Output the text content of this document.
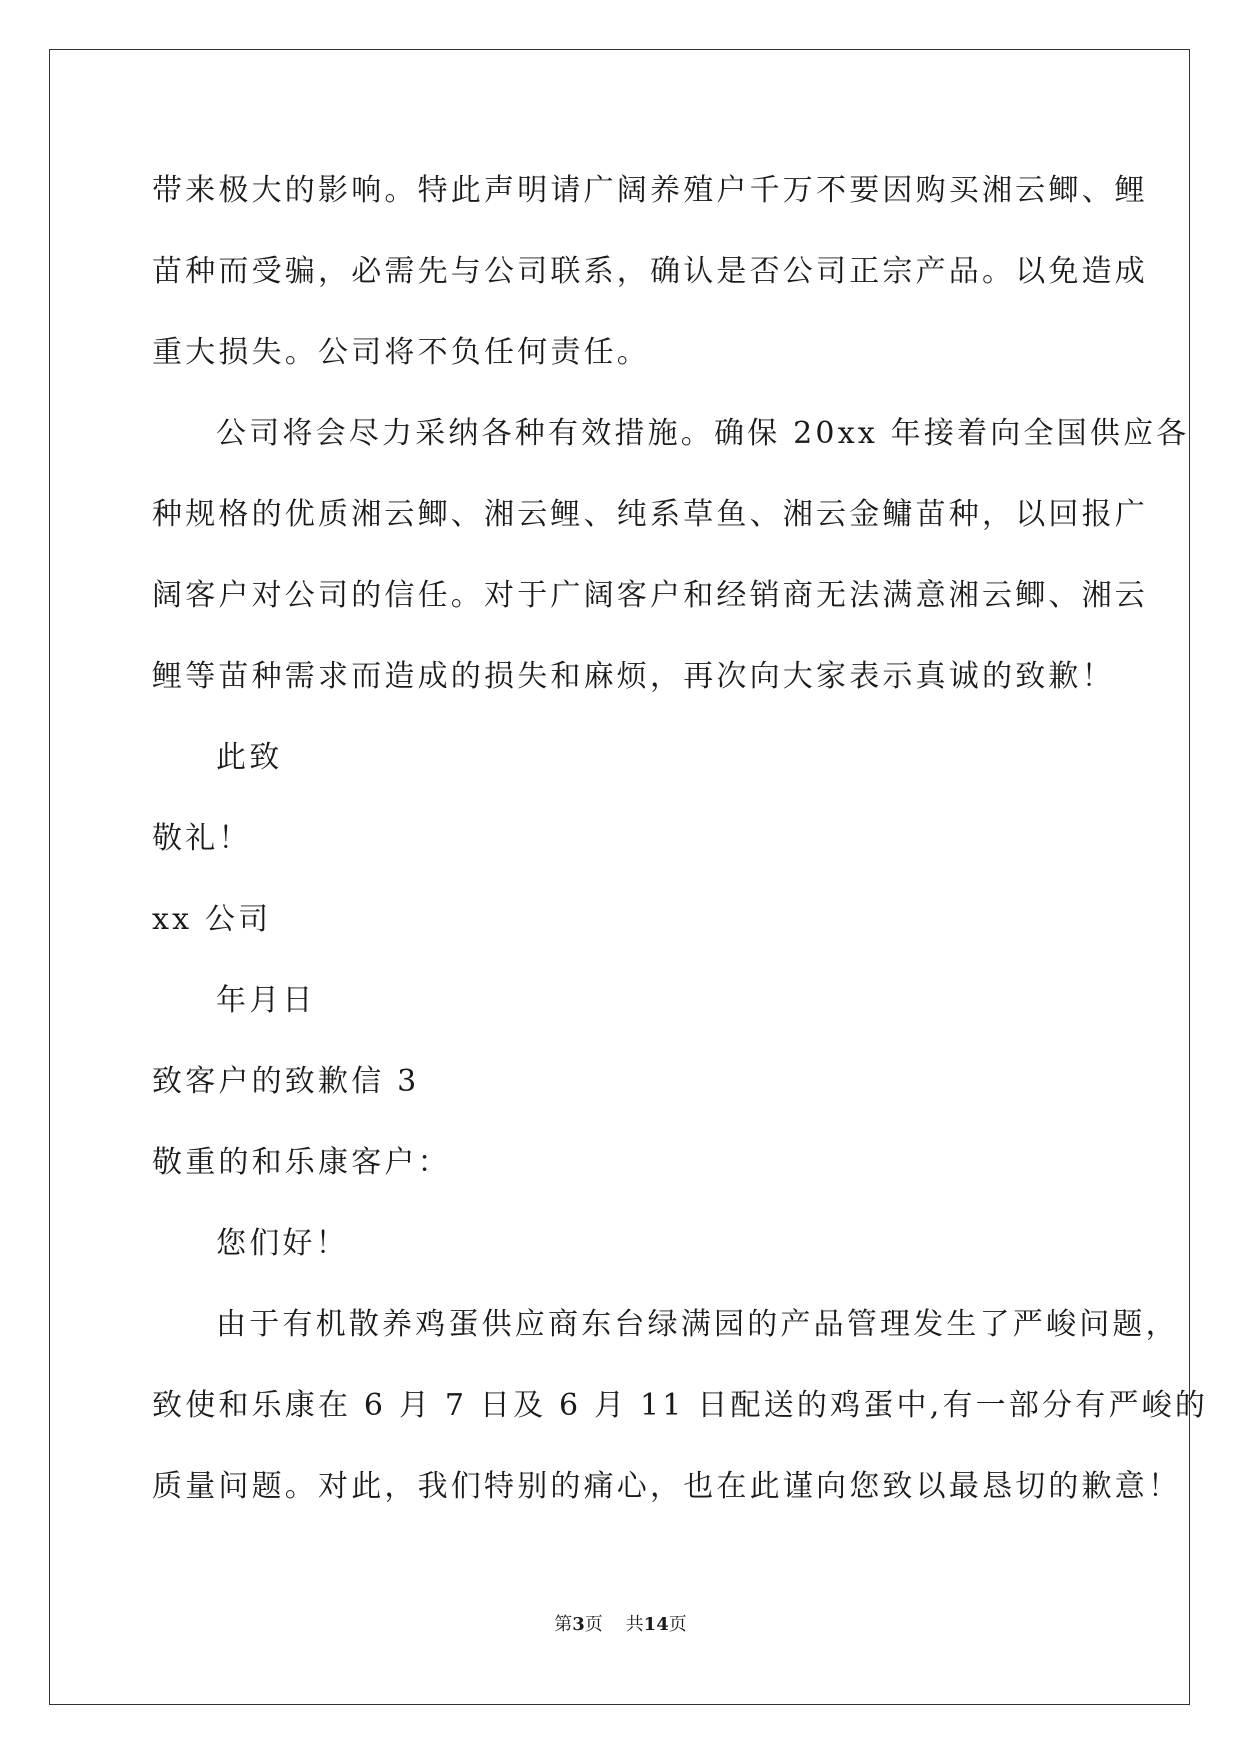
带来极大的影响。特此声明请广阔养殖户千万不要因购买湘云鲫、鲤
苗种而受骗，必需先与公司联系，确认是否公司正宗产品。以免造成
重大损失。公司将不负任何责任。
公司将会尽力采纳各种有效措施。确保 20xx 年接着向全国供应各
种规格的优质湘云鲫、湘云鲤、纯系草鱼、湘云金鳙苗种，以回报广
阔客户对公司的信任。对于广阔客户和经销商无法满意湘云鲫、湘云
鲤等苗种需求而造成的损失和麻烦，再次向大家表示真诚的致歉！
此致
敬礼！
xx 公司
年月日
致客户的致歉信 3
敬重的和乐康客户：
您们好！
由于有机散养鸡蛋供应商东台绿满园的产品管理发生了严峻问题，
致使和乐康在 6 月 7 日及 6 月 11 日配送的鸡蛋中,有一部分有严峻的
质量问题。对此，我们特别的痛心，也在此谨向您致以最恳切的歉意！
第3页 共14页
